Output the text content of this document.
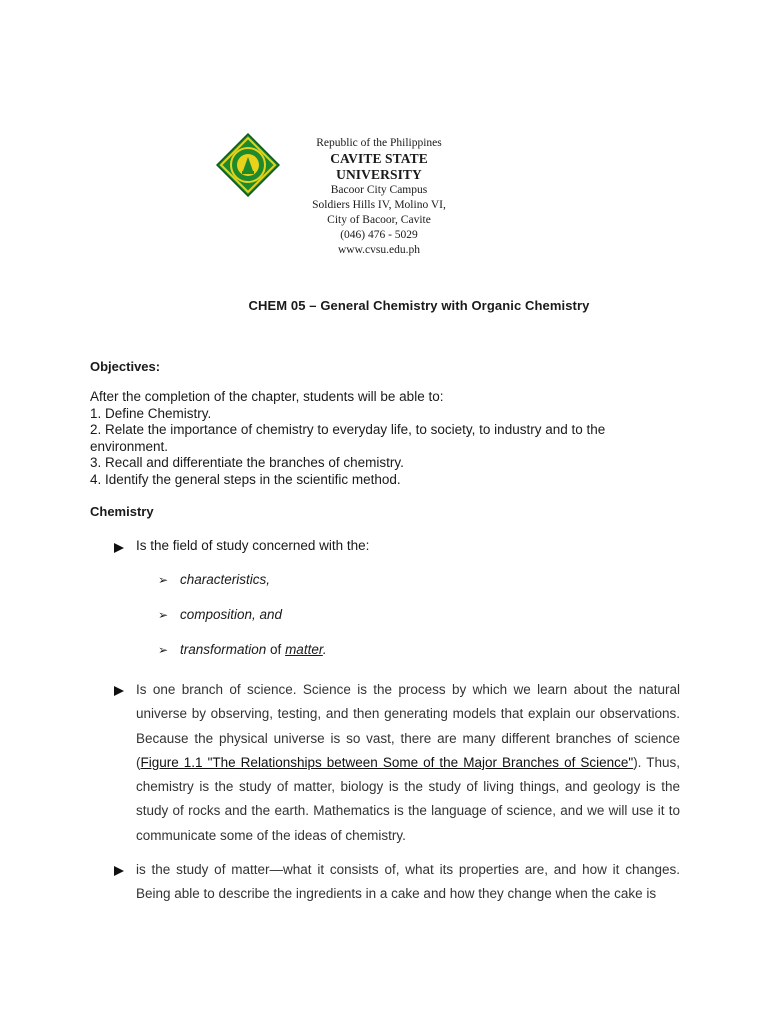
Republic of the Philippines
CAVITE STATE UNIVERSITY
Bacoor City Campus
Soldiers Hills IV, Molino VI,
City of Bacoor, Cavite
(046) 476 - 5029
www.cvsu.edu.ph
CHEM 05 – General Chemistry with Organic Chemistry
Objectives:
After the completion of the chapter, students will be able to:
1. Define Chemistry.
2. Relate the importance of chemistry to everyday life, to society, to industry and to the environment.
3. Recall and differentiate the branches of chemistry.
4. Identify the general steps in the scientific method.
Chemistry
Is the field of study concerned with the:
➢ characteristics,
➢ composition, and
➢ transformation of matter.
Is one branch of science. Science is the process by which we learn about the natural universe by observing, testing, and then generating models that explain our observations. Because the physical universe is so vast, there are many different branches of science (Figure 1.1 "The Relationships between Some of the Major Branches of Science"). Thus, chemistry is the study of matter, biology is the study of living things, and geology is the study of rocks and the earth. Mathematics is the language of science, and we will use it to communicate some of the ideas of chemistry.
is the study of matter—what it consists of, what its properties are, and how it changes. Being able to describe the ingredients in a cake and how they change when the cake is
